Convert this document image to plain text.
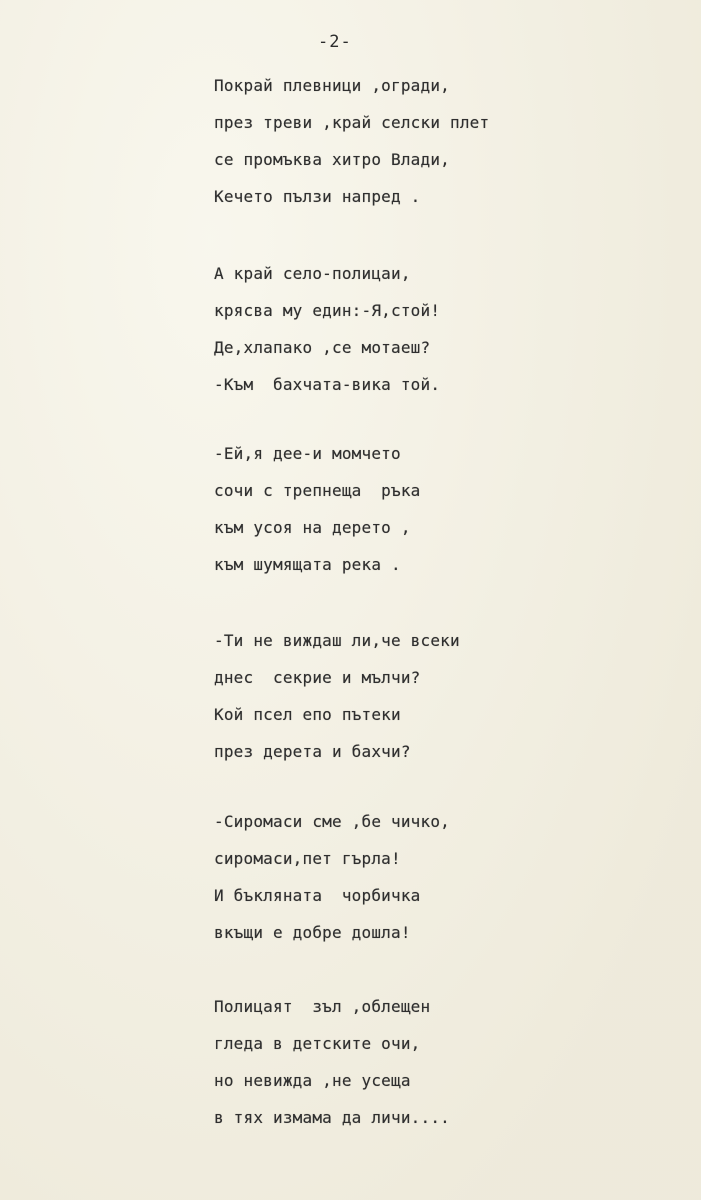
-2-
Покрай плевници ,огради,
през треви ,край селски плет
се промъква хитро Влади,
Кечето пълзи напред .
А край село-полицаи,
крясва му един:-Я,стой!
Де,хлапако ,се мотаеш?
-Към  бахчата-вика той.
-Ей,я дее-и момчето
сочи с трепнеща  ръка
към усоя на дерето ,
към шумящата река .
-Ти не виждаш ли,че всеки
днес  секрие и мълчи?
Кой псел епо пътеки
през дерета и бахчи?
-Сиромаси сме ,бе чичко,
сиромаси,пет гърла!
И бъкляната  чорбичка
вкъщи е добре дошла!
Полицаят  зъл ,облещен
гледа в детските очи,
но невижда ,не усеща
в тях измама да личи....
